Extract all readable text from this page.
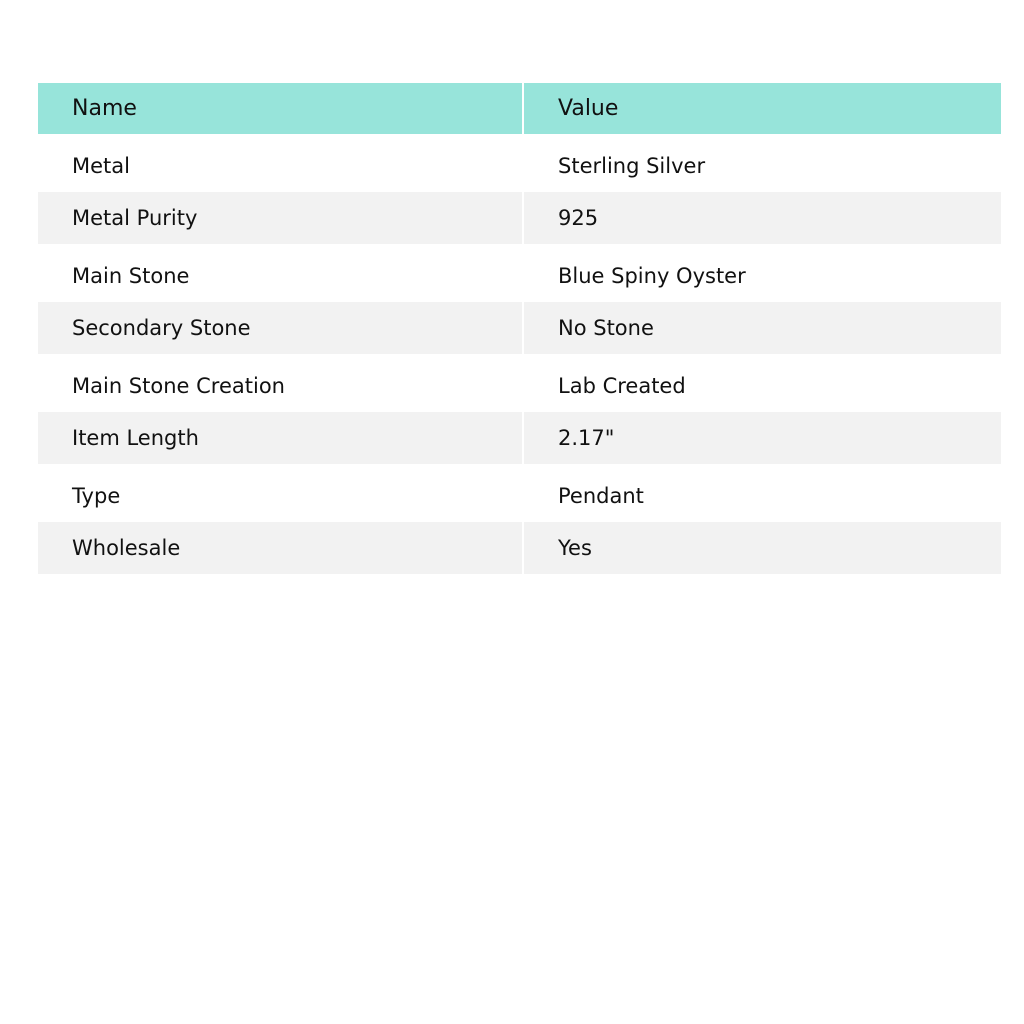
Name	Value
Metal	Sterling Silver
Metal Purity	925
Main Stone	Blue Spiny Oyster
Secondary Stone	No Stone
Main Stone Creation	Lab Created
Item Length	2.17"
Type	Pendant
Wholesale	Yes
